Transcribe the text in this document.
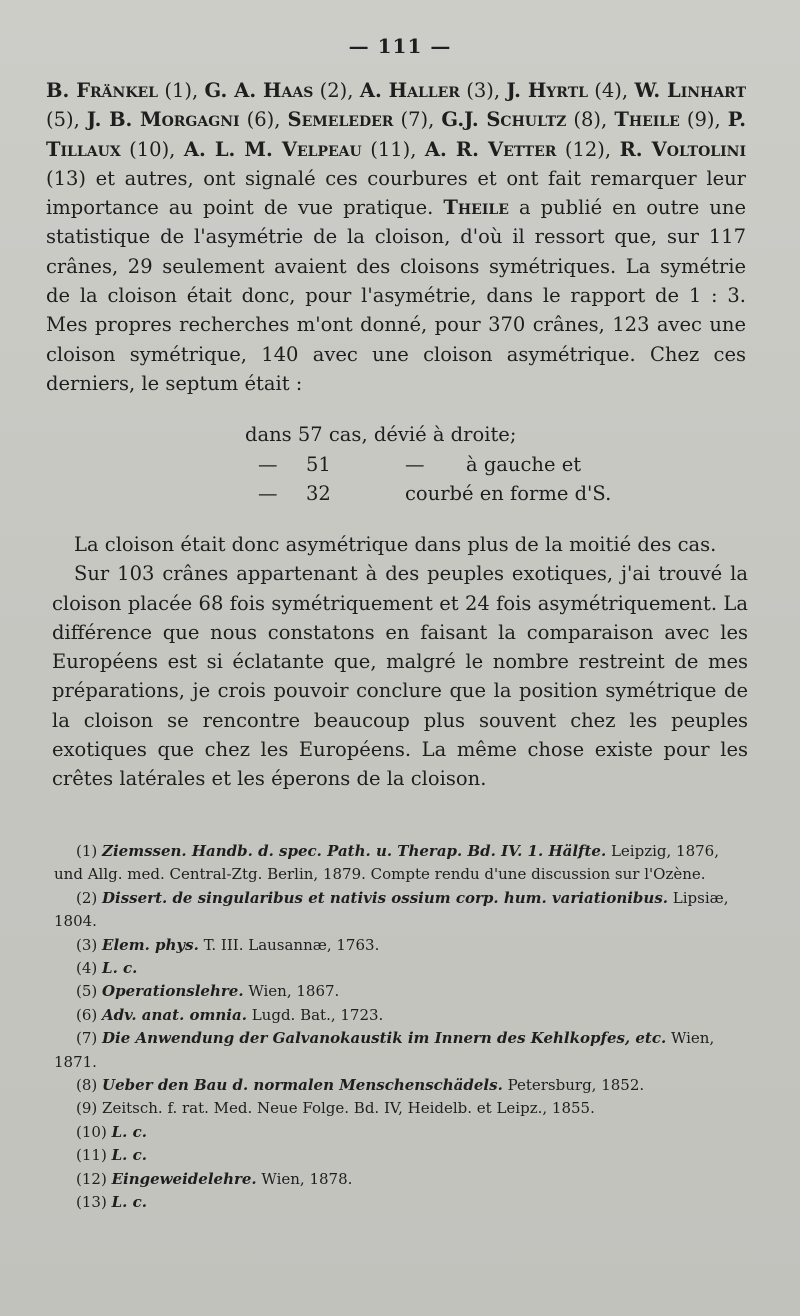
— 111 —

B. Fränkel (1), G. A. Haas (2), A. Haller (3), J. Hyrtl (4), W. Linhart (5), J. B. Morgagni (6), Semeleder (7), G.J. Schultz (8), Theile (9), P. Tillaux (10), A. L. M. Velpeau (11), A. R. Vetter (12), R. Voltolini (13) et autres, ont signalé ces courbures et ont fait remarquer leur importance au point de vue pratique. Theile a publié en outre une statistique de l'asymétrie de la cloison, d'où il ressort que, sur 117 crânes, 29 seulement avaient des cloisons symétriques. La symétrie de la cloison était donc, pour l'asymétrie, dans le rapport de 1 : 3. Mes propres recherches m'ont donné, pour 370 crânes, 123 avec une cloison symétrique, 140 avec une cloison asymétrique. Chez ces derniers, le septum était :

dans 57 cas, dévié à droite;
— 51	— à gauche et
— 32	courbé en forme d'S.

La cloison était donc asymétrique dans plus de la moitié des cas.

Sur 103 crânes appartenant à des peuples exotiques, j'ai trouvé la cloison placée 68 fois symétriquement et 24 fois asymétriquement. La différence que nous constatons en faisant la comparaison avec les Européens est si éclatante que, malgré le nombre restreint de mes préparations, je crois pouvoir conclure que la position symétrique de la cloison se rencontre beaucoup plus souvent chez les peuples exotiques que chez les Européens. La même chose existe pour les crêtes latérales et les éperons de la cloison.

(1) Ziemssen. Handb. d. spec. Path. u. Therap. Bd. IV. 1. Hälfte. Leipzig, 1876, und Allg. med. Central-Ztg. Berlin, 1879. Compte rendu d'une discussion sur l'Ozène.

(2) Dissert. de singularibus et nativis ossium corp. hum. variationibus. Lipsiæ, 1804.

(3) Elem. phys. T. III. Lausannæ, 1763.

(4) L. c.

(5) Operationslehre. Wien, 1867.

(6) Adv. anat. omnia. Lugd. Bat., 1723.

(7) Die Anwendung der Galvanokaustik im Innern des Kehlkopfes, etc. Wien, 1871.

(8) Ueber den Bau d. normalen Menschenschädels. Petersburg, 1852.

(9) Zeitsch. f. rat. Med. Neue Folge. Bd. IV, Heidelb. et Leipz., 1855.

(10) L. c.

(11) L. c.

(12) Eingeweidelehre. Wien, 1878.

(13) L. c.
